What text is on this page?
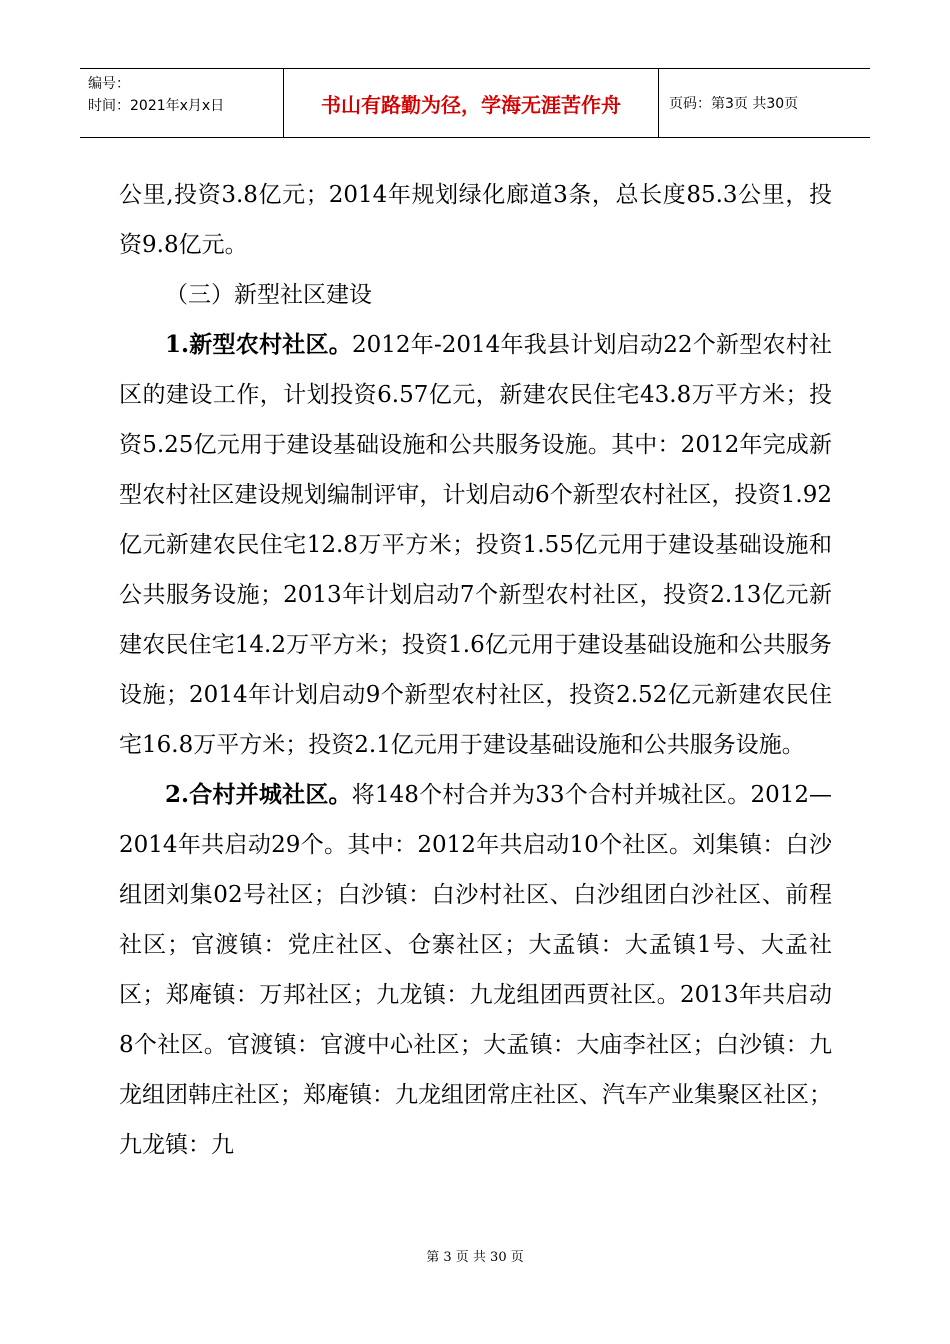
编号：
时间：2021年x月x日	书山有路勤为径，学海无涯苦作舟	页码：第3页 共30页

公里,投资3.8亿元；2014年规划绿化廊道3条，总长度85.3公里，投资9.8亿元。

（三）新型社区建设

1.新型农村社区。2012年-2014年我县计划启动22个新型农村社区的建设工作，计划投资6.57亿元，新建农民住宅43.8万平方米；投资5.25亿元用于建设基础设施和公共服务设施。其中：2012年完成新型农村社区建设规划编制评审，计划启动6个新型农村社区，投资1.92亿元新建农民住宅12.8万平方米；投资1.55亿元用于建设基础设施和公共服务设施；2013年计划启动7个新型农村社区，投资2.13亿元新建农民住宅14.2万平方米；投资1.6亿元用于建设基础设施和公共服务设施；2014年计划启动9个新型农村社区，投资2.52亿元新建农民住宅16.8万平方米；投资2.1亿元用于建设基础设施和公共服务设施。

2.合村并城社区。将148个村合并为33个合村并城社区。2012—2014年共启动29个。其中：2012年共启动10个社区。刘集镇：白沙组团刘集02号社区；白沙镇：白沙村社区、白沙组团白沙社区、前程社区；官渡镇：党庄社区、仓寨社区；大孟镇：大孟镇1号、大孟社区；郑庵镇：万邦社区；九龙镇：九龙组团西贾社区。2013年共启动8个社区。官渡镇：官渡中心社区；大孟镇：大庙李社区；白沙镇：九龙组团韩庄社区；郑庵镇：九龙组团常庄社区、汽车产业集聚区社区；九龙镇：九

第 3 页 共 30 页
